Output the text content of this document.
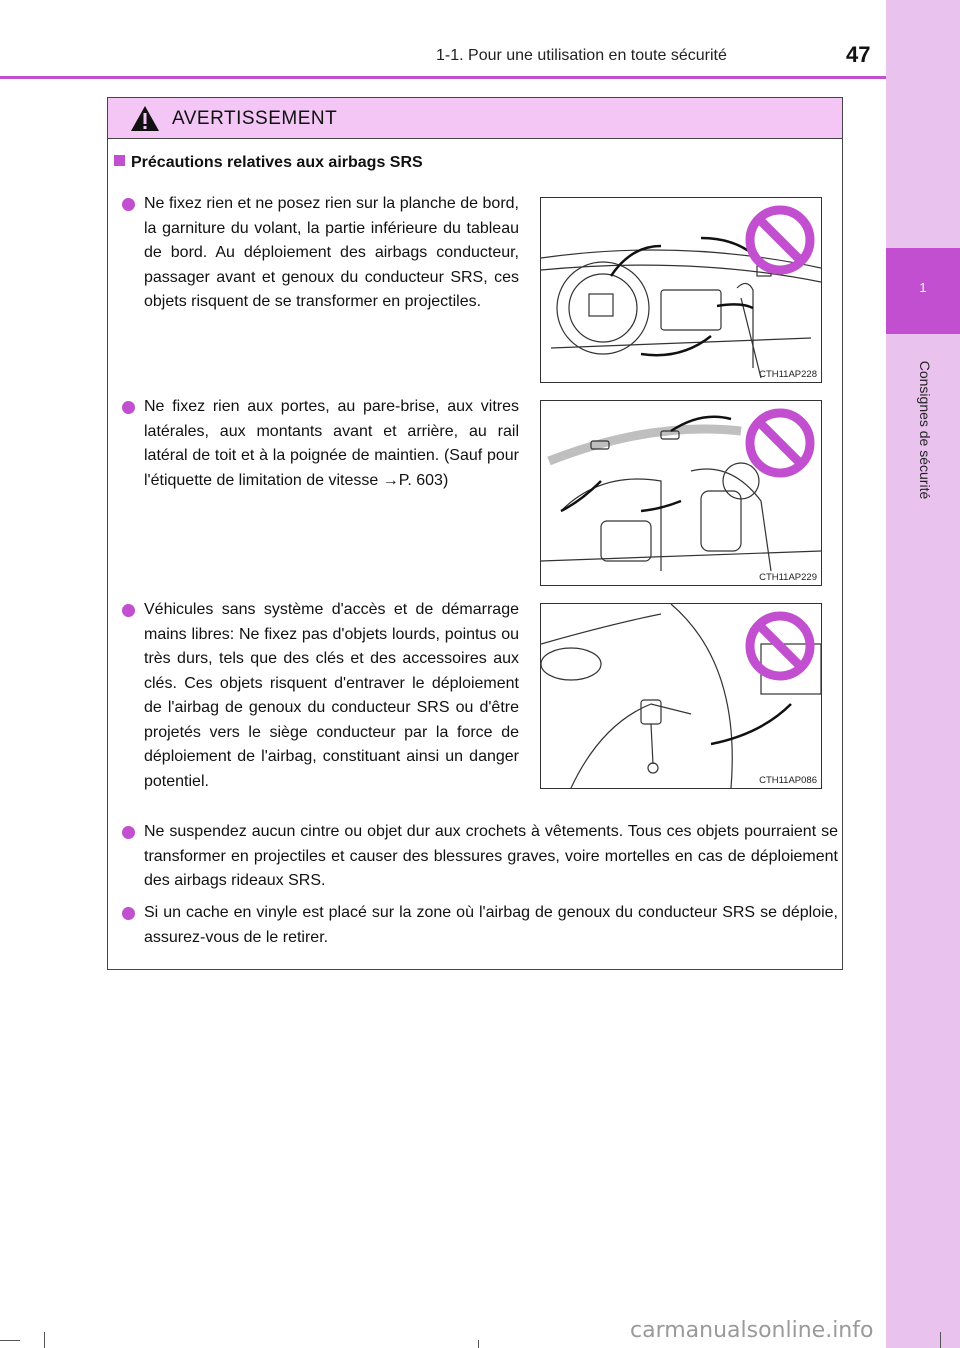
1
Consignes de sécurité
1-1. Pour une utilisation en toute sécurité	47
AVERTISSEMENT
Précautions relatives aux airbags SRS
Ne fixez rien et ne posez rien sur la planche de bord, la garniture du volant, la partie inférieure du tableau de bord. Au déploiement des airbags conducteur, passager avant et genoux du conducteur SRS, ces objets risquent de se transformer en projectiles.
Ne fixez rien aux portes, au pare-brise, aux vitres latérales, aux montants avant et arrière, au rail latéral de toit et à la poignée de maintien. (Sauf pour l'étiquette de limitation de vitesse →P. 603)
Véhicules sans système d'accès et de démarrage mains libres: Ne fixez pas d'objets lourds, pointus ou très durs, tels que des clés et des accessoires aux clés. Ces objets risquent d'entraver le déploiement de l'airbag de genoux du conducteur SRS ou d'être projetés vers le siège conducteur par la force de déploiement de l'airbag, constituant ainsi un danger potentiel.
Ne suspendez aucun cintre ou objet dur aux crochets à vêtements. Tous ces objets pourraient se transformer en projectiles et causer des blessures graves, voire mortelles en cas de déploiement des airbags rideaux SRS.
Si un cache en vinyle est placé sur la zone où l'airbag de genoux du conducteur SRS se déploie, assurez-vous de le retirer.
CTH11AP228
CTH11AP229
CTH11AP086
carmanualsonline.info
